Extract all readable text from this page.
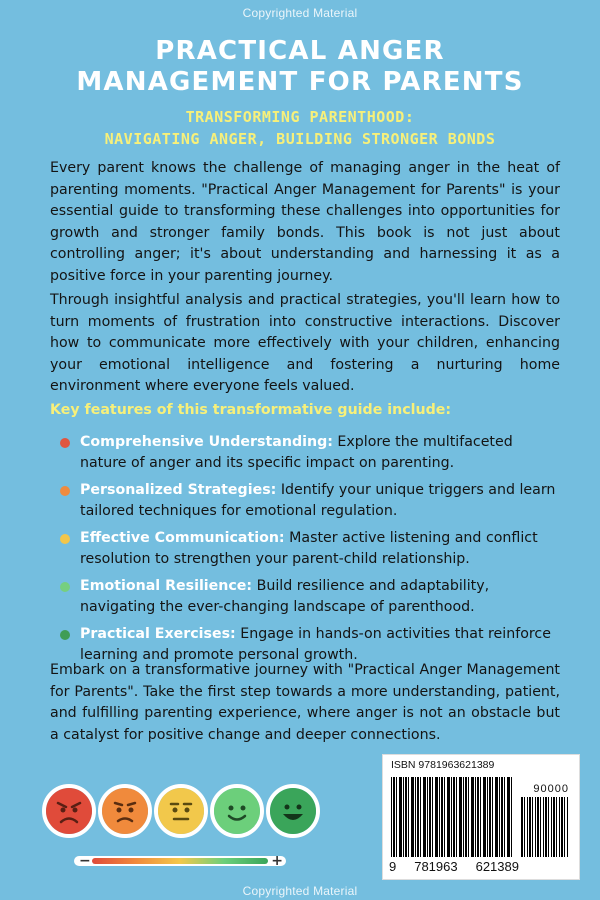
Copyrighted Material
PRACTICAL ANGER
MANAGEMENT FOR PARENTS
TRANSFORMING PARENTHOOD:
NAVIGATING ANGER, BUILDING STRONGER BONDS

Every parent knows the challenge of managing anger in the heat of parenting moments. "Practical Anger Management for Parents" is your essential guide to transforming these challenges into opportunities for growth and stronger family bonds. This book is not just about controlling anger; it's about understanding and harnessing it as a positive force in your parenting journey.

Through insightful analysis and practical strategies, you'll learn how to turn moments of frustration into constructive interactions. Discover how to communicate more effectively with your children, enhancing your emotional intelligence and fostering a nurturing home environment where everyone feels valued.

Key features of this transformative guide include:

Comprehensive Understanding: Explore the multifaceted nature of anger and its specific impact on parenting.
Personalized Strategies: Identify your unique triggers and learn tailored techniques for emotional regulation.
Effective Communication: Master active listening and conflict resolution to strengthen your parent-child relationship.
Emotional Resilience: Build resilience and adaptability, navigating the ever-changing landscape of parenthood.
Practical Exercises: Engage in hands-on activities that reinforce learning and promote personal growth.

Embark on a transformative journey with "Practical Anger Management for Parents". Take the first step towards a more understanding, patient, and fulfilling parenting experience, where anger is not an obstacle but a catalyst for positive change and deeper connections.

−	+
ISBN 9781963621389
90000
9 781963 621389
Copyrighted Material
